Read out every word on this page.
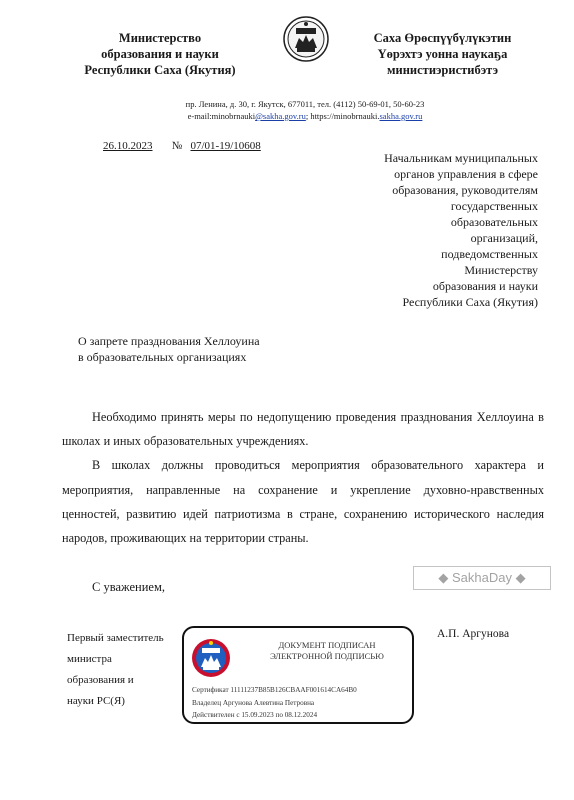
Министерство
образования и науки
Республики Саха (Якутия)
Саха Өрөспүүбүлүкэтин
Үөрэхтэ уонна наукаҕа
министиэристибэтэ
пр. Ленина, д. 30, г. Якутск, 677011, тел. (4112) 50-69-01, 50-60-23
e-mail:minobrnauki@sakha.gov.ru; https://minobrnauki.sakha.gov.ru
26.10.2023 № 07/01-19/10608
Начальникам муниципальных
органов управления в сфере
образования, руководителям
государственных
образовательных
организаций,
подведомственных
Министерству
образования и науки
Республики Саха (Якутия)
О запрете празднования Хеллоуина
в образовательных организациях

Необходимо принять меры по недопущению проведения празднования Хеллоуина в школах и иных образовательных учреждениях.

В школах должны проводиться мероприятия образовательного характера и мероприятия, направленные на сохранение и укрепление духовно-нравственных ценностей, развитию идей патриотизма в стране, сохранению исторического наследия народов, проживающих на территории страны.

С уважением,
◆ SakhaDay ◆
Первый заместитель
министра
образования и
науки РС(Я)
ДОКУМЕНТ ПОДПИСАН
ЭЛЕКТРОННОЙ ПОДПИСЬЮ
Сертификат 11111237B85B126CBAAF001614CA64B0
Владелец Аргунова Алевтина Петровна
Действителен с 15.09.2023 по 08.12.2024
А.П. Аргунова
